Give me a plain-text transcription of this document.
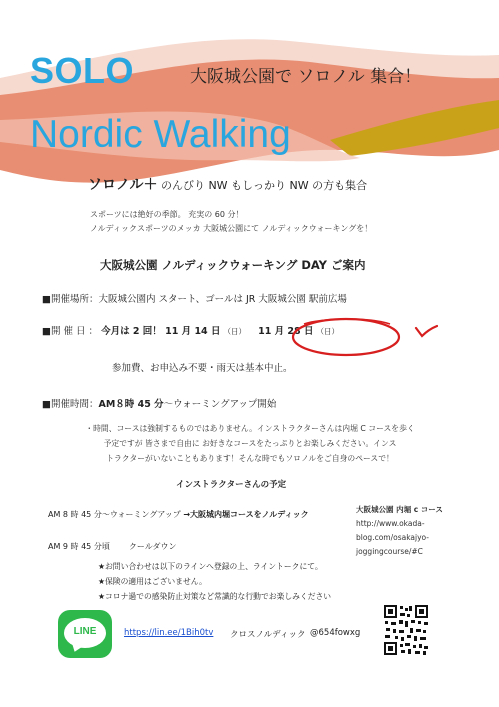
SOLO	大阪城公園で ソロノル 集合！
Nordic Walking
ソロノル＋ のんびり NW もしっかり NW の方も集合
スポーツには絶好の季節。 充実の 60 分！
ノルディックスポーツのメッカ 大阪城公園にて ノルディックウォーキングを！
大阪城公園 ノルディックウォーキング DAY ご案内
■開催場所：大阪城公園内 スタート、ゴールは JR 大阪城公園 駅前広場
■開 催 日 ： 今月は 2 回！ 11 月 14 日 （日） 11 月 28 日 （日）
参加費、お申込み不要・雨天は基本中止。
■開催時間：AM８時 45 分～ウォーミングアップ開始
・時間、コースは強制するものではありません。インストラクターさんは内堀 C コースを歩く
予定ですが 皆さまで自由に お好きなコースをたっぷりとお楽しみください。インス
トラクターがいないこともあります！そんな時でもソロノルをご自身のペースで！
インストラクターさんの予定
AM 8 時 45 分～ウォーミングアップ →大阪城内堀コースをノルディック
AM 9 時 45 分頃 クールダウン
大阪城公園 内堀 c コース
http://www.okada-
blog.com/osakajyo-
joggingcourse/#C
★お問い合わせは以下のラインへ登録の上、ライントークにて。
★保険の適用はございません。
★コロナ過での感染防止対策など常識的な行動でお楽しみください
LINE	https://lin.ee/1Bih0tv クロスノルディック @654fowxg
